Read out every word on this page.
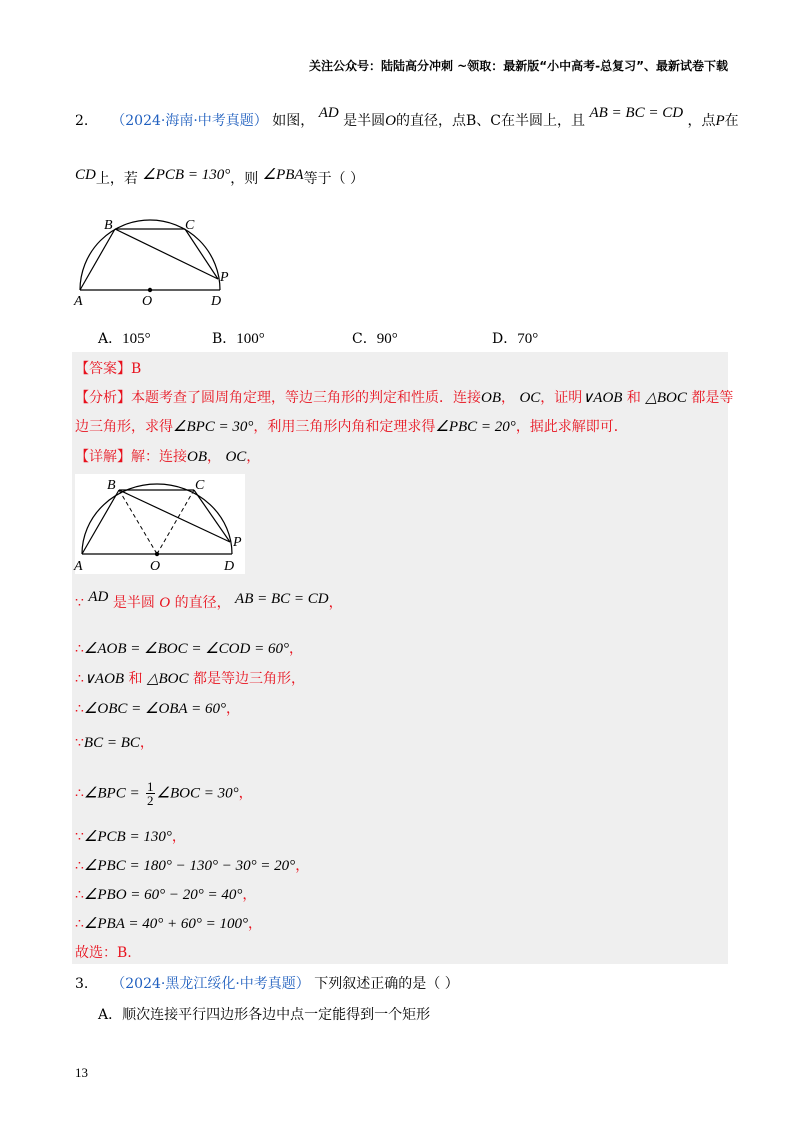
关注公众号：陆陆高分冲刺 ~领取：最新版“小中高考-总复习”、最新试卷下载
2. （2024·海南·中考真题） 如图， AD 是半圆O的直径，点B、C在半圆上，且 AB = BC = CD ，点P在
CD上，若 ∠PCB = 130°，则 ∠PBA等于（ ）
B	C
P
A	O	D
A．105°	B．100°	C．90°	D．70°
【答案】B
【分析】本题考查了圆周角定理，等边三角形的判定和性质．连接OB， OC，证明∨AOB 和 △BOC 都是等
边三角形，求得∠BPC = 30°，利用三角形内角和定理求得∠PBC = 20°，据此求解即可．
【详解】解：连接OB， OC，
B	C
P
A	O	D
∵ AD 是半圆 O 的直径， AB = BC = CD，
∴∠AOB = ∠BOC = ∠COD = 60°，
∴∨AOB 和 △BOC 都是等边三角形，
∴∠OBC = ∠OBA = 60°，
∵BC = BC，
∴∠BPC = $\frac{1}{2}$ ∠BOC = 30°，
∵∠PCB = 130°，
∴∠PBC = 180° − 130° − 30° = 20°，
∴∠PBO = 60° − 20° = 40°，
∴∠PBA = 40° + 60° = 100°，
故选：B.
3. （2024·黑龙江绥化·中考真题） 下列叙述正确的是（ ）
A．顺次连接平行四边形各边中点一定能得到一个矩形
13
